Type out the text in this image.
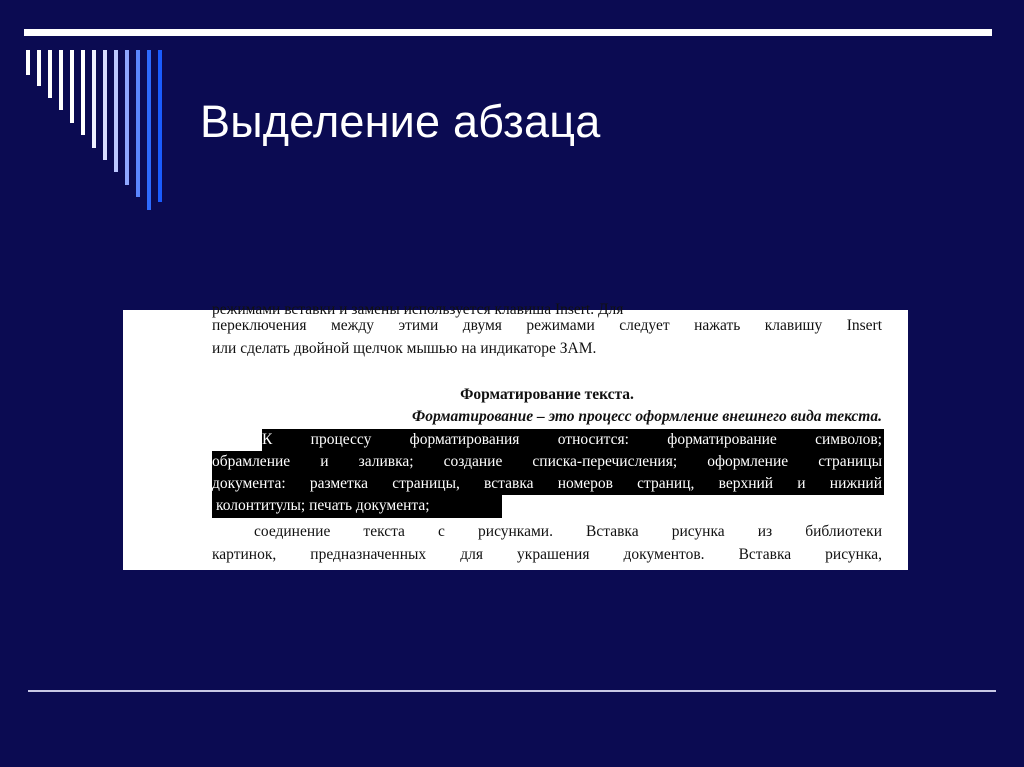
Выделение абзаца
режимами вставки и замены используется клавиша Insert. Для
переключения между этими двумя режимами следует нажать клавишу Insert
или сделать двойной щелчок мышью на индикаторе ЗАМ.
Форматирование текста.
Форматирование – это процесс оформление внешнего вида текста.
К процессу форматирования относится: форматирование символов;
обрамление и заливка; создание списка-перечисления; оформление страницы
документа: разметка страницы, вставка номеров страниц, верхний и нижний
колонтитулы; печать документа;
соединение текста с рисунками. Вставка рисунка из библиотеки
картинок, предназначенных для украшения документов. Вставка рисунка,
